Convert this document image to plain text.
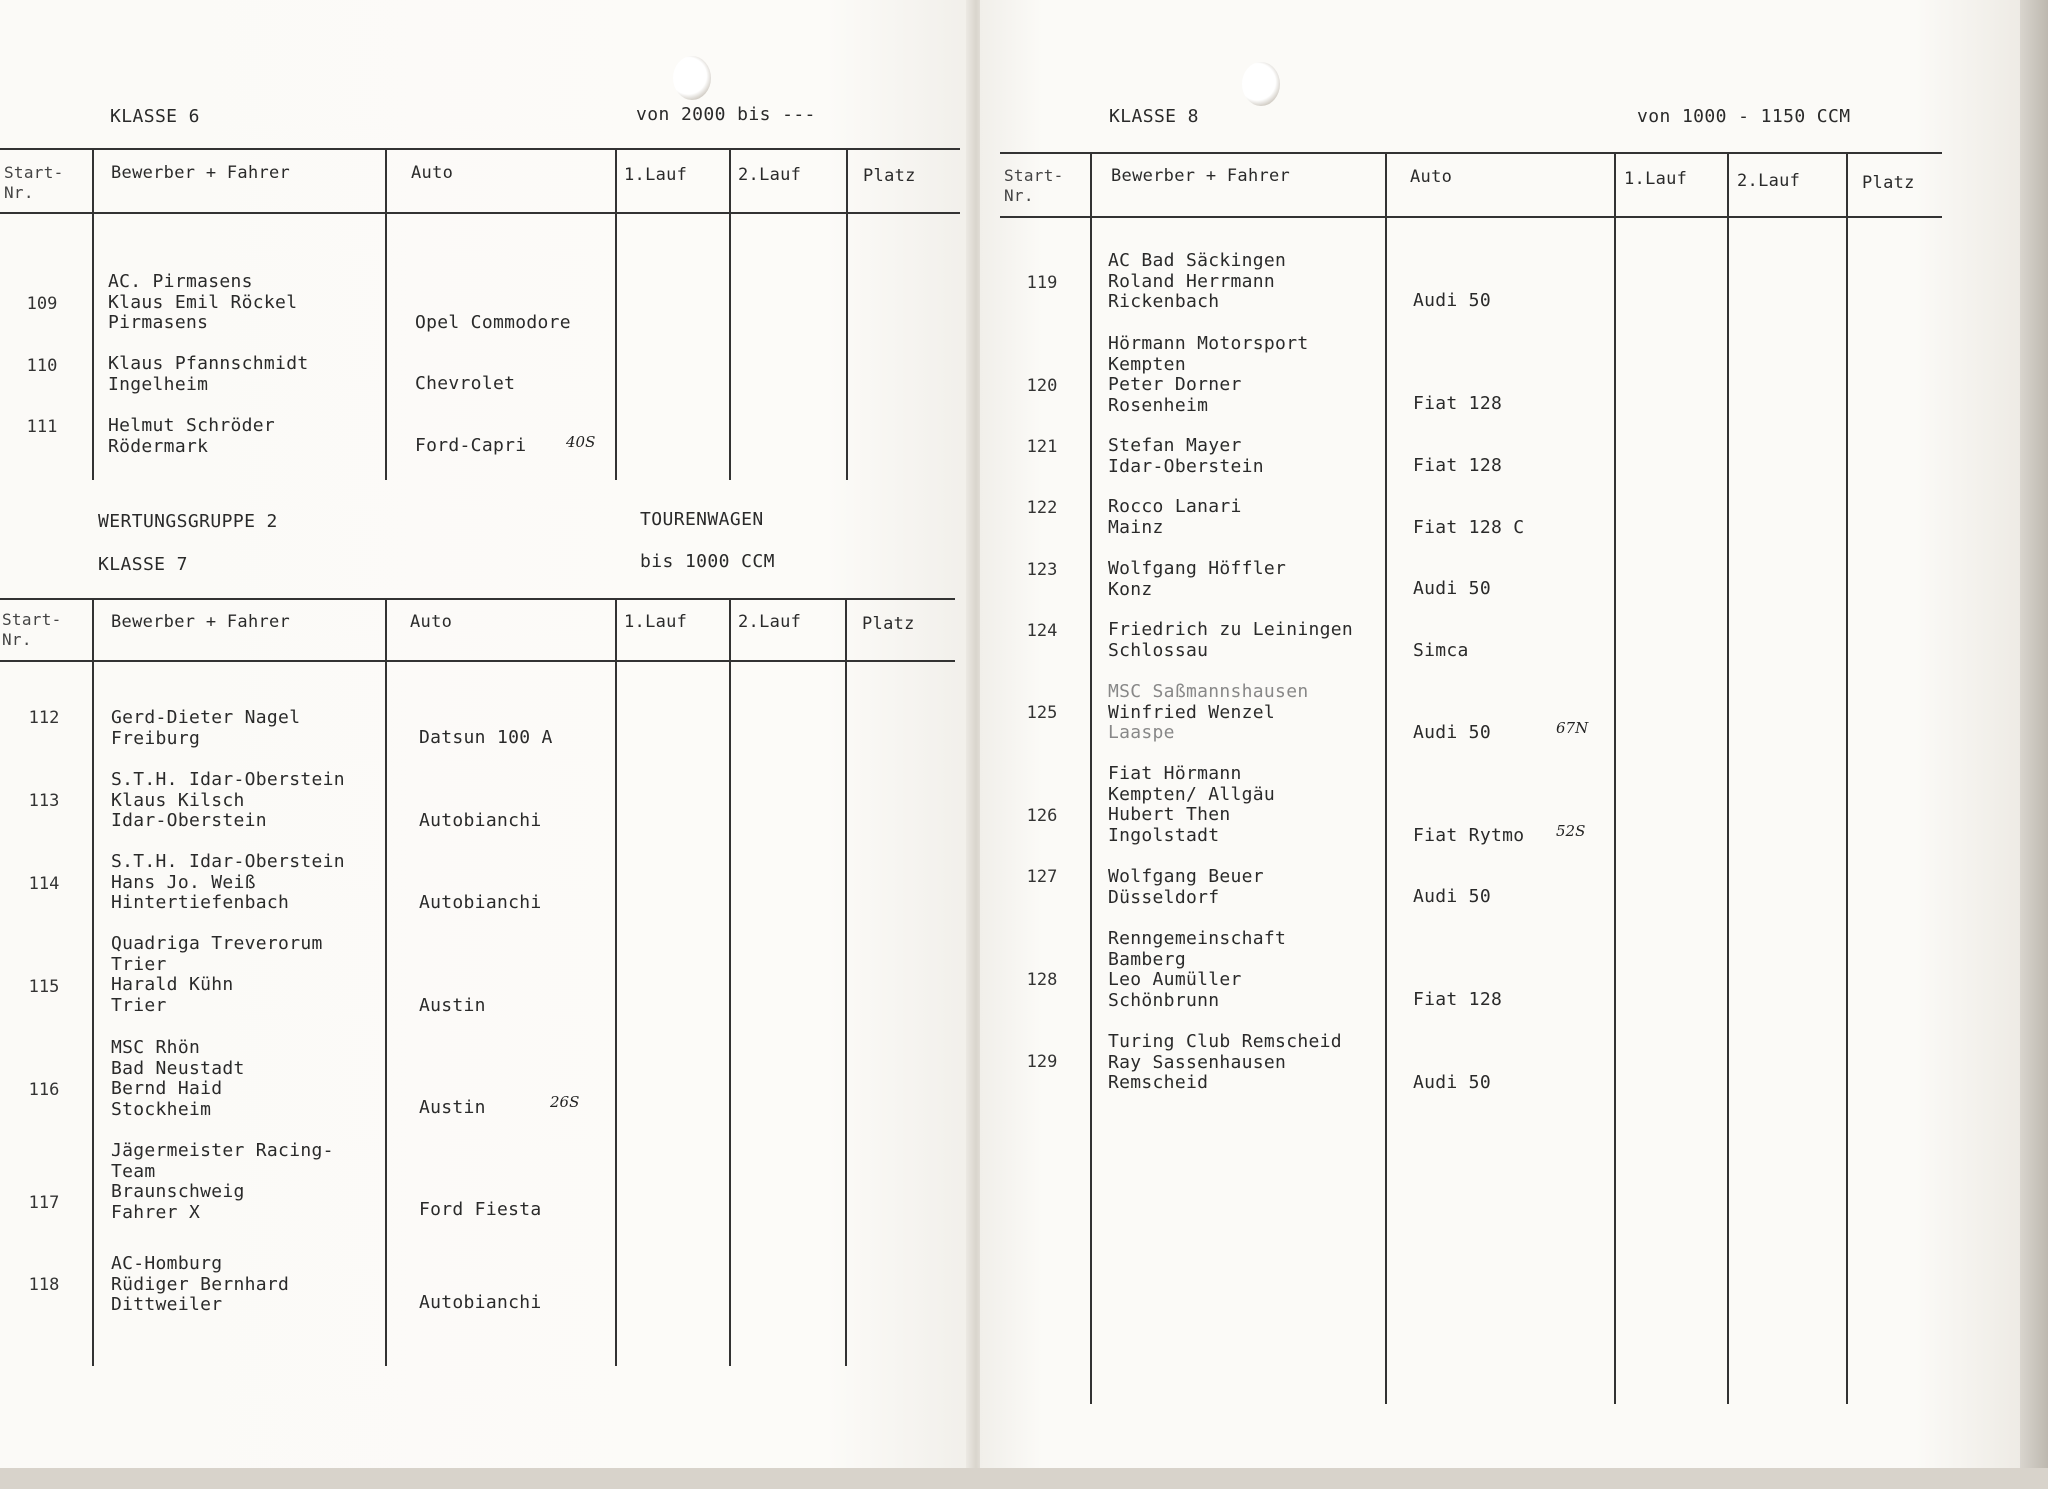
KLASSE 6	von 2000 bis ---
Start-
Nr.
Bewerber + Fahrer	Auto	1.Lauf	2.Lauf	Platz
109
AC. Pirmasens
Klaus Emil Röckel
Pirmasens	Opel Commodore
110	Klaus Pfannschmidt
Ingelheim	Chevrolet
111	Helmut Schröder
Rödermark	Ford-Capri	40S
WERTUNGSGRUPPE 2	TOURENWAGEN
KLASSE 7	bis 1000 CCM
Start-
Nr.
Bewerber + Fahrer	Auto	1.Lauf	2.Lauf	Platz
112	Gerd-Dieter Nagel
Freiburg	Datsun 100 A
113
S.T.H. Idar-Oberstein
Klaus Kilsch
Idar-Oberstein	Autobianchi
114
S.T.H. Idar-Oberstein
Hans Jo. Weiß
Hintertiefenbach	Autobianchi
115
Quadriga Treverorum
Trier
Harald Kühn
Trier	Austin
116
MSC Rhön
Bad Neustadt
Bernd Haid
Stockheim	Austin	26S
117
Jägermeister Racing-
Team
Braunschweig
Fahrer X	Ford Fiesta
118
AC-Homburg
Rüdiger Bernhard
Dittweiler	Autobianchi
KLASSE 8	von 1000 - 1150 CCM
Start-
Nr.
Bewerber + Fahrer	Auto	1.Lauf	2.Lauf	Platz
119
AC Bad Säckingen
Roland Herrmann
Rickenbach	Audi 50
120
Hörmann Motorsport
Kempten
Peter Dorner
Rosenheim	Fiat 128
121	Stefan Mayer
Idar-Oberstein	Fiat 128
122	Rocco Lanari
Mainz	Fiat 128 C
123	Wolfgang Höffler
Konz	Audi 50
124	Friedrich zu Leiningen
Schlossau	Simca
125
MSC Saßmannshausen
Winfried Wenzel
Laaspe	Audi 50	67N
126
Fiat Hörmann
Kempten/ Allgäu
Hubert Then
Ingolstadt	Fiat Rytmo 52S
127	Wolfgang Beuer
Düsseldorf	Audi 50
128
Renngemeinschaft
Bamberg
Leo Aumüller
Schönbrunn	Fiat 128
129
Turing Club Remscheid
Ray Sassenhausen
Remscheid	Audi 50
